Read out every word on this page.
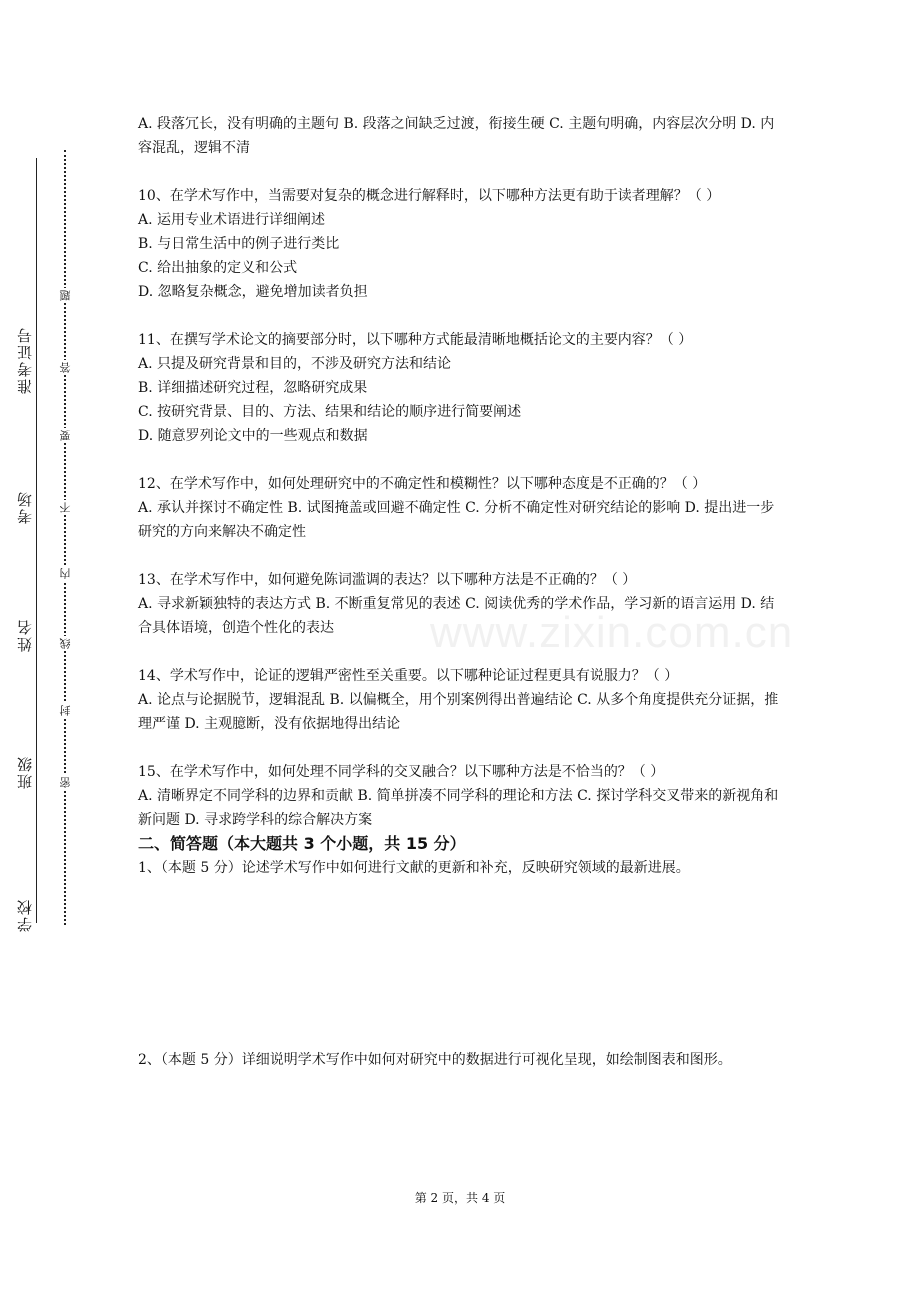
www.zixin.com.cn
学校
班级
姓名
考场
准考证号
密
封
线
内
不
要
答
题

A. 段落冗长，没有明确的主题句 B. 段落之间缺乏过渡，衔接生硬 C. 主题句明确，内容层次分明 D. 内容混乱，逻辑不清

10、在学术写作中，当需要对复杂的概念进行解释时，以下哪种方法更有助于读者理解？（ ）

A. 运用专业术语进行详细阐述

B. 与日常生活中的例子进行类比

C. 给出抽象的定义和公式

D. 忽略复杂概念，避免增加读者负担

11、在撰写学术论文的摘要部分时，以下哪种方式能最清晰地概括论文的主要内容？（ ）

A. 只提及研究背景和目的，不涉及研究方法和结论

B. 详细描述研究过程，忽略研究成果

C. 按研究背景、目的、方法、结果和结论的顺序进行简要阐述

D. 随意罗列论文中的一些观点和数据

12、在学术写作中，如何处理研究中的不确定性和模糊性？以下哪种态度是不正确的？（ ）

A. 承认并探讨不确定性 B. 试图掩盖或回避不确定性 C. 分析不确定性对研究结论的影响 D. 提出进一步研究的方向来解决不确定性

13、在学术写作中，如何避免陈词滥调的表达？以下哪种方法是不正确的？（ ）

A. 寻求新颖独特的表达方式 B. 不断重复常见的表述 C. 阅读优秀的学术作品，学习新的语言运用 D. 结合具体语境，创造个性化的表达

14、学术写作中，论证的逻辑严密性至关重要。以下哪种论证过程更具有说服力？（ ）

A. 论点与论据脱节，逻辑混乱 B. 以偏概全，用个别案例得出普遍结论 C. 从多个角度提供充分证据，推理严谨 D. 主观臆断，没有依据地得出结论

15、在学术写作中，如何处理不同学科的交叉融合？以下哪种方法是不恰当的？（ ）

A. 清晰界定不同学科的边界和贡献 B. 简单拼凑不同学科的理论和方法 C. 探讨学科交叉带来的新视角和新问题 D. 寻求跨学科的综合解决方案

二、简答题（本大题共 3 个小题，共 15 分）

1、（本题 5 分）论述学术写作中如何进行文献的更新和补充，反映研究领域的最新进展。

2、（本题 5 分）详细说明学术写作中如何对研究中的数据进行可视化呈现，如绘制图表和图形。

第 2 页，共 4 页
